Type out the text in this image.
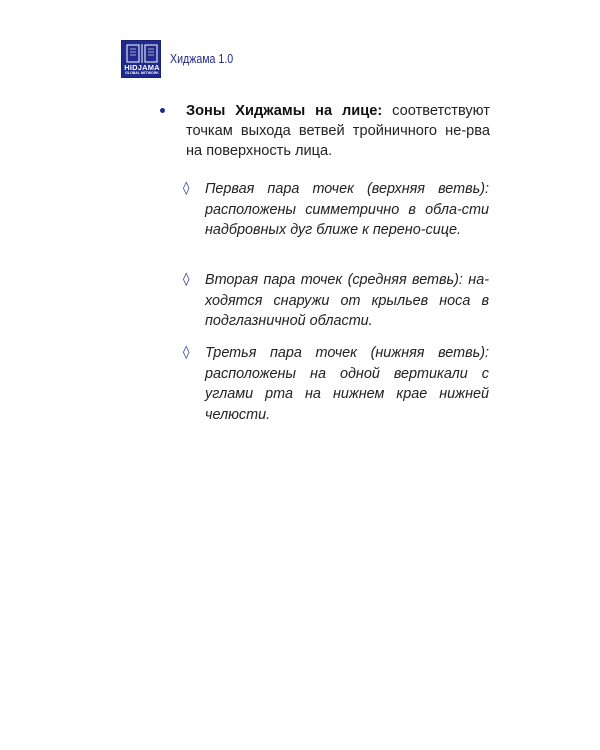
HIDJAMA
GLOBAL NETWORK
Хиджама 1.0
Зоны Хиджамы на лице: соответствуют точкам выхода ветвей тройничного не-рва на поверхность лица.
◊ Первая пара точек (верхняя ветвь): расположены симметрично в обла-сти надбровных дуг ближе к перено-сице.
◊ Вторая пара точек (средняя ветвь): на-ходятся снаружи от крыльев носа в подглазничной области.
◊ Третья пара точек (нижняя ветвь): расположены на одной вертикали с углами рта на нижнем крае нижней челюсти.
